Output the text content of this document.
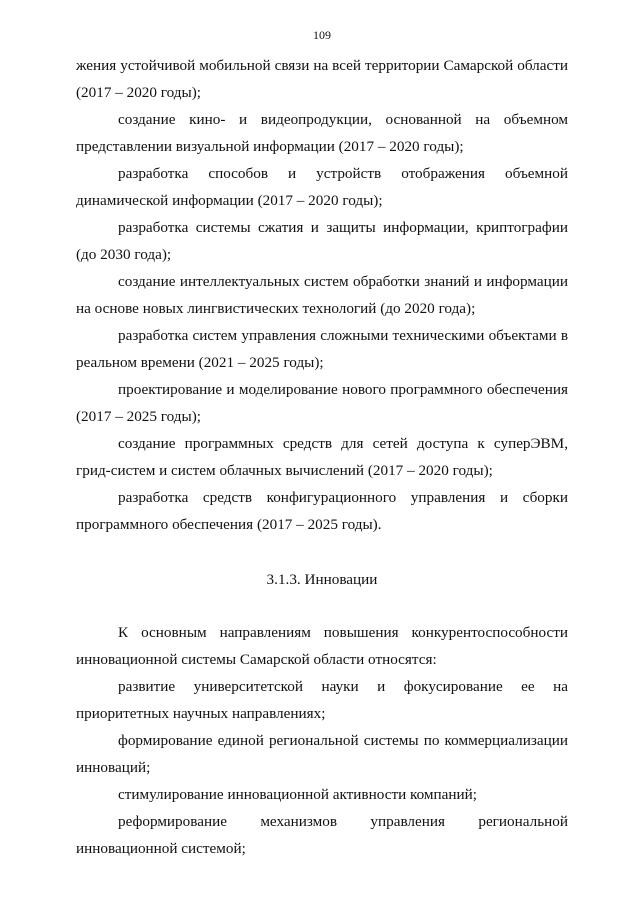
109

жения устойчивой мобильной связи на всей территории Самарской области (2017 – 2020 годы);

создание кино- и видеопродукции, основанной на объемном представлении визуальной информации (2017 – 2020 годы);

разработка способов и устройств отображения объемной динамической информации (2017 – 2020 годы);

разработка системы сжатия и защиты информации, криптографии (до 2030 года);

создание интеллектуальных систем обработки знаний и информации на основе новых лингвистических технологий (до 2020 года);

разработка систем управления сложными техническими объектами в реальном времени (2021 – 2025 годы);

проектирование и моделирование нового программного обеспечения (2017 – 2025 годы);

создание программных средств для сетей доступа к суперЭВМ, грид-систем и систем облачных вычислений (2017 – 2020 годы);

разработка средств конфигурационного управления и сборки программного обеспечения (2017 – 2025 годы).

3.1.3. Инновации

К основным направлениям повышения конкурентоспособности инновационной системы Самарской области относятся:

развитие университетской науки и фокусирование ее на приоритетных научных направлениях;

формирование единой региональной системы по коммерциализации инноваций;

стимулирование инновационной активности компаний;

реформирование механизмов управления региональной инновационной системой;
